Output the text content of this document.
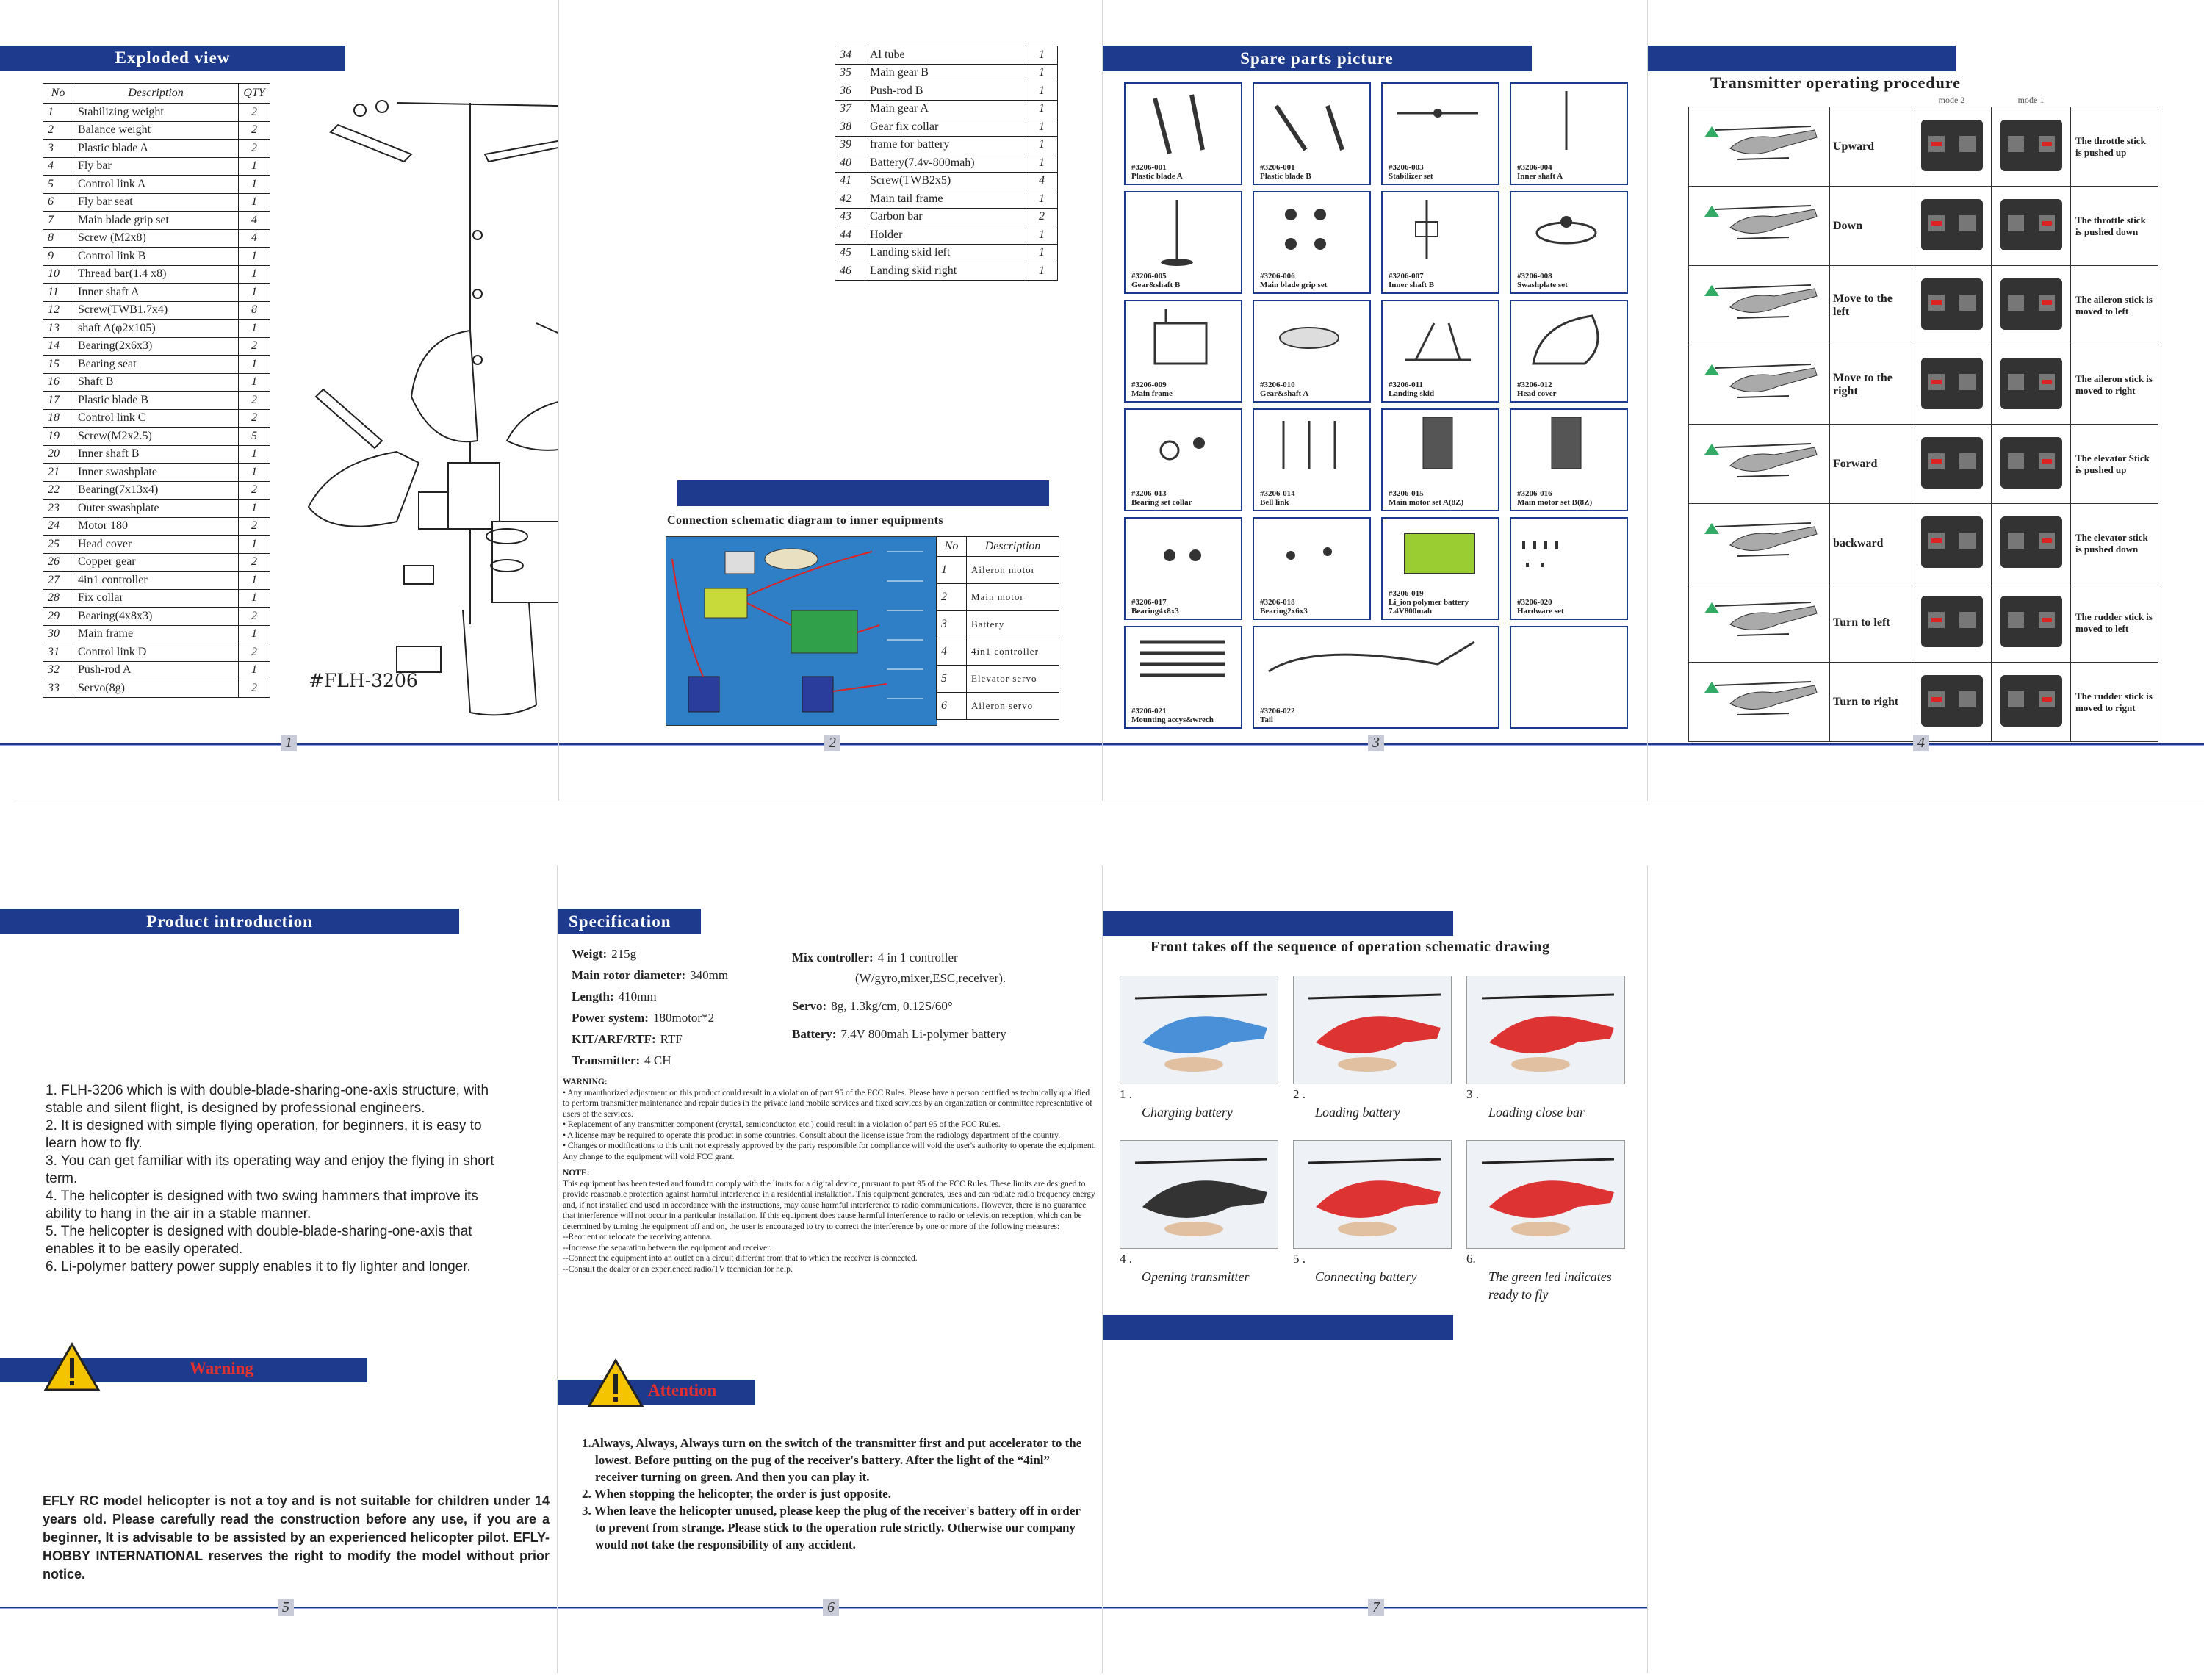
Exploded view
No	Description	QTY
1	Stabilizing weight	2
2	Balance weight	2
3	Plastic blade A	2
4	Fly bar	1
5	Control link A	1
6	Fly bar seat	1
7	Main blade grip set	4
8	Screw (M2x8)	4
9	Control link B	1
10	Thread bar(1.4 x8)	1
11	Inner shaft A	1
12	Screw(TWB1.7x4)	8
13	shaft A(φ2x105)	1
14	Bearing(2x6x3)	2
15	Bearing seat	1
16	Shaft B	1
17	Plastic blade B	2
18	Control link C	2
19	Screw(M2x2.5)	5
20	Inner shaft B	1
21	Inner swashplate	1
22	Bearing(7x13x4)	2
23	Outer swashplate	1
24	Motor 180	2
25	Head cover	1
26	Copper gear	2
27	4in1 controller	1
28	Fix collar	1
29	Bearing(4x8x3)	2
30	Main frame	1
31	Control link D	2
32	Push-rod A	1
33	Servo(8g)	2	#FLH-3206
34	Al tube	1
35	Main gear B	1
36	Push-rod B	1
37	Main gear A	1
38	Gear fix collar	1
39	frame for battery	1
40	Battery(7.4v-800mah)	1
41	Screw(TWB2x5)	4
42	Main tail frame	1
43	Carbon bar	2
44	Holder	1
45	Landing skid left	1
46	Landing skid right	1
Connection schematic diagram to inner equipments
No	Description
1	Aileron motor
2	Main motor
3	Battery
4	4in1 controller
5	Elevator servo
6	Aileron servo
Spare parts picture
#3206-001
Plastic blade A
#3206-001
Plastic blade B
#3206-003
Stabilizer set
#3206-004
Inner shaft A
#3206-005
Gear&shaft B
#3206-006
Main blade grip set
#3206-007
Inner shaft B
#3206-008
Swashplate set
#3206-009
Main frame
#3206-010
Gear&shaft A
#3206-011
Landing skid
#3206-012
Head cover
#3206-013
Bearing set collar
#3206-014
Bell link
#3206-015
Main motor set A(8Z)
#3206-016
Main motor set B(8Z)
#3206-017
Bearing4x8x3
#3206-018
Bearing2x6x3
#3206-019
Li_ion polymer battery 7.4V800mah
#3206-020
Hardware set
#3206-021
Mounting accys&wrech
#3206-022
Tail
Transmitter operating procedure
		mode 2	mode 1	
	Upward			The throttle stick is pushed up
	Down			The throttle stick is pushed down
	Move to the left			The aileron stick is moved to left
	Move to the right			The aileron stick is moved to right
	Forward			The elevator Stick is pushed up
	backward			The elevator stick is pushed down
	Turn to left			The rudder stick is moved to left
	Turn to right			The rudder stick is moved to rignt
1	2	3	4
Product introduction
1. FLH-3206 which is with double-blade-sharing-one-axis structure, with stable and silent flight, is designed by professional engineers.
2. It is designed with simple flying operation, for beginners, it is easy to learn how to fly.
3. You can get familiar with its operating way and enjoy the flying in short term.
4. The helicopter is designed with two swing hammers that improve its ability to hang in the air in a stable manner.
5. The helicopter is designed with double-blade-sharing-one-axis that enables it to be easily operated.
6. Li-polymer battery power supply enables it to fly lighter and longer.
Warning
EFLY RC model helicopter is not a toy and is not suitable for children under 14 years old. Please carefully read the construction before any use, if you are a beginner, It is advisable to be assisted by an experienced helicopter pilot. EFLY-HOBBY INTERNATIONAL reserves the right to modify the model without prior notice.
Specification
Weigt: 215g
Main rotor diameter: 340mm
Length: 410mm
Power system: 180motor*2
KIT/ARF/RTF: RTF
Transmitter: 4 CH
Mix controller: 4 in 1 controller
(W/gyro,mixer,ESC,receiver).
Servo: 8g, 1.3kg/cm, 0.12S/60°
Battery: 7.4V 800mah Li-polymer battery
WARNING:
• Any unauthorized adjustment on this product could result in a violation of part 95 of the FCC Rules. Please have a person certified as technically qualified to perform transmitter maintenance and repair duties in the private land mobile services and fixed services by an organization or committee representative of users of the services.
• Replacement of any transmitter component (crystal, semiconductor, etc.) could result in a violation of part 95 of the FCC Rules.
• A license may be required to operate this product in some countries. Consult about the license issue from the radiology department of the country.
• Changes or modifications to this unit not expressly approved by the party responsible for compliance will void the user's authority to operate the equipment. Any change to the equipment will void FCC grant.
NOTE:
This equipment has been tested and found to comply with the limits for a digital device, pursuant to part 95 of the FCC Rules. These limits are designed to provide reasonable protection against harmful interference in a residential installation. This equipment generates, uses and can radiate radio frequency energy and, if not installed and used in accordance with the instructions, may cause harmful interference to radio communications. However, there is no guarantee that interference will not occur in a particular installation. If this equipment does cause harmful interference to radio or television reception, which can be determined by turning the equipment off and on, the user is encouraged to try to correct the interference by one or more of the following measures:
--Reorient or relocate the receiving antenna.
--Increase the separation between the equipment and receiver.
--Connect the equipment into an outlet on a circuit different from that to which the receiver is connected.
--Consult the dealer or an experienced radio/TV technician for help.
Attention
1.Always, Always, Always turn on the switch of the transmitter first and put accelerator to the lowest. Before putting on the pug of the receiver's battery. After the light of the “4inl” receiver turning on green. And then you can play it.
2. When stopping the helicopter, the order is just opposite.
3. When leave the helicopter unused, please keep the plug of the receiver's battery off in order to prevent from strange. Please stick to the operation rule strictly. Otherwise our company would not take the responsibility of any accident.
Front takes off the sequence of operation schematic drawing
1 .
Charging battery
2 .
Loading battery
3 .
Loading close bar
4 .
Opening transmitter
5 .
Connecting battery
6.
The green led indicates ready to fly
5	6	7
